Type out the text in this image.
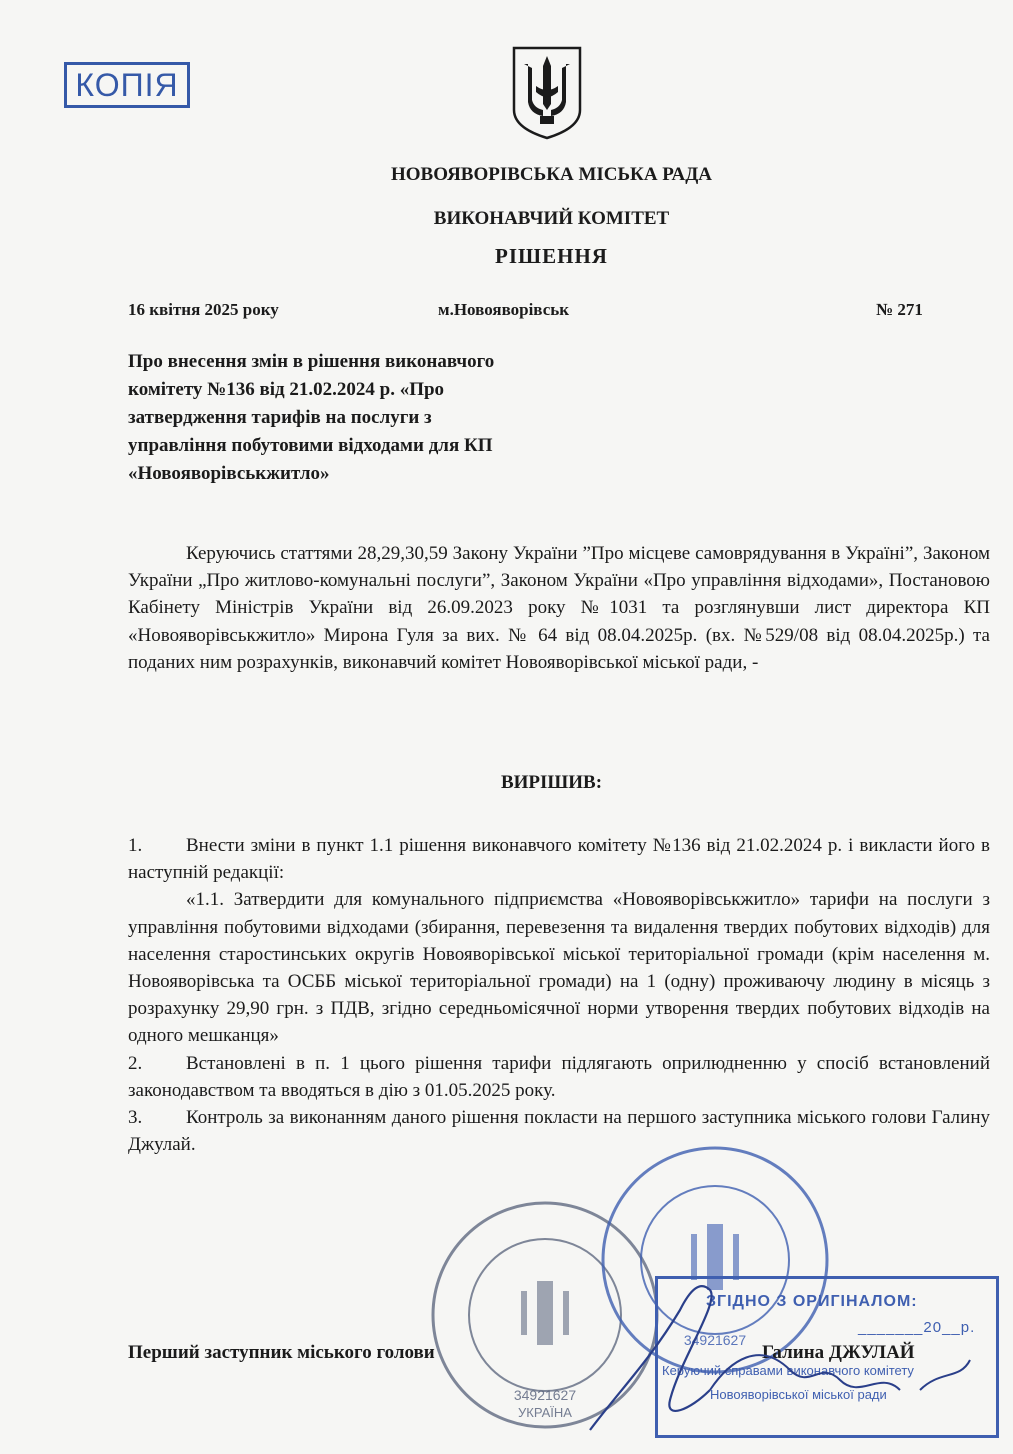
КОПІЯ
НОВОЯВОРІВСЬКА МІСЬКА РАДА
ВИКОНАВЧИЙ КОМІТЕТ
РІШЕННЯ
16 квітня 2025 року	м.Новояворівськ	№ 271
Про внесення змін в рішення виконавчого комітету №136 від 21.02.2024 р. «Про затвердження тарифів на послуги з управління побутовими відходами для КП «Новояворівськжитло»

Керуючись статтями 28,29,30,59 Закону України ”Про місцеве самоврядування в Україні”, Законом України „Про житлово-комунальні послуги”, Законом України «Про управління відходами», Постановою Кабінету Міністрів України від 26.09.2023 року №1031 та розглянувши лист директора КП «Новояворівськжитло» Мирона Гуля за вих. № 64 від 08.04.2025р. (вх. №529/08 від 08.04.2025р.) та поданих ним розрахунків, виконавчий комітет Новояворівської міської ради, -

ВИРІШИВ:

1. Внести зміни в пункт 1.1 рішення виконавчого комітету №136 від 21.02.2024 р. і викласти його в наступній редакції:

«1.1. Затвердити для комунального підприємства «Новояворівськжитло» тарифи на послуги з управління побутовими відходами (збирання, перевезення та видалення твердих побутових відходів) для населення старостинських округів Новояворівської міської територіальної громади (крім населення м. Новояворівська та ОСББ міської територіальної громади) на 1 (одну) проживаючу людину в місяць з розрахунку 29,90 грн. з ПДВ, згідно середньомісячної норми утворення твердих побутових відходів на одного мешканця»

2. Встановлені в п. 1 цього рішення тарифи підлягають оприлюдненню у спосіб встановлений законодавством та вводяться в дію з 01.05.2025 року.

3. Контроль за виконанням даного рішення покласти на першого заступника міського голови Галину Джулай.

34921627
УКРАЇНА
34921627
Перший заступник міського голови	Галина ДЖУЛАЙ
ЗГІДНО З ОРИГІНАЛОМ:
_______20__р.
Керуючий справами виконавчого комітету
Новояворівської міської ради
